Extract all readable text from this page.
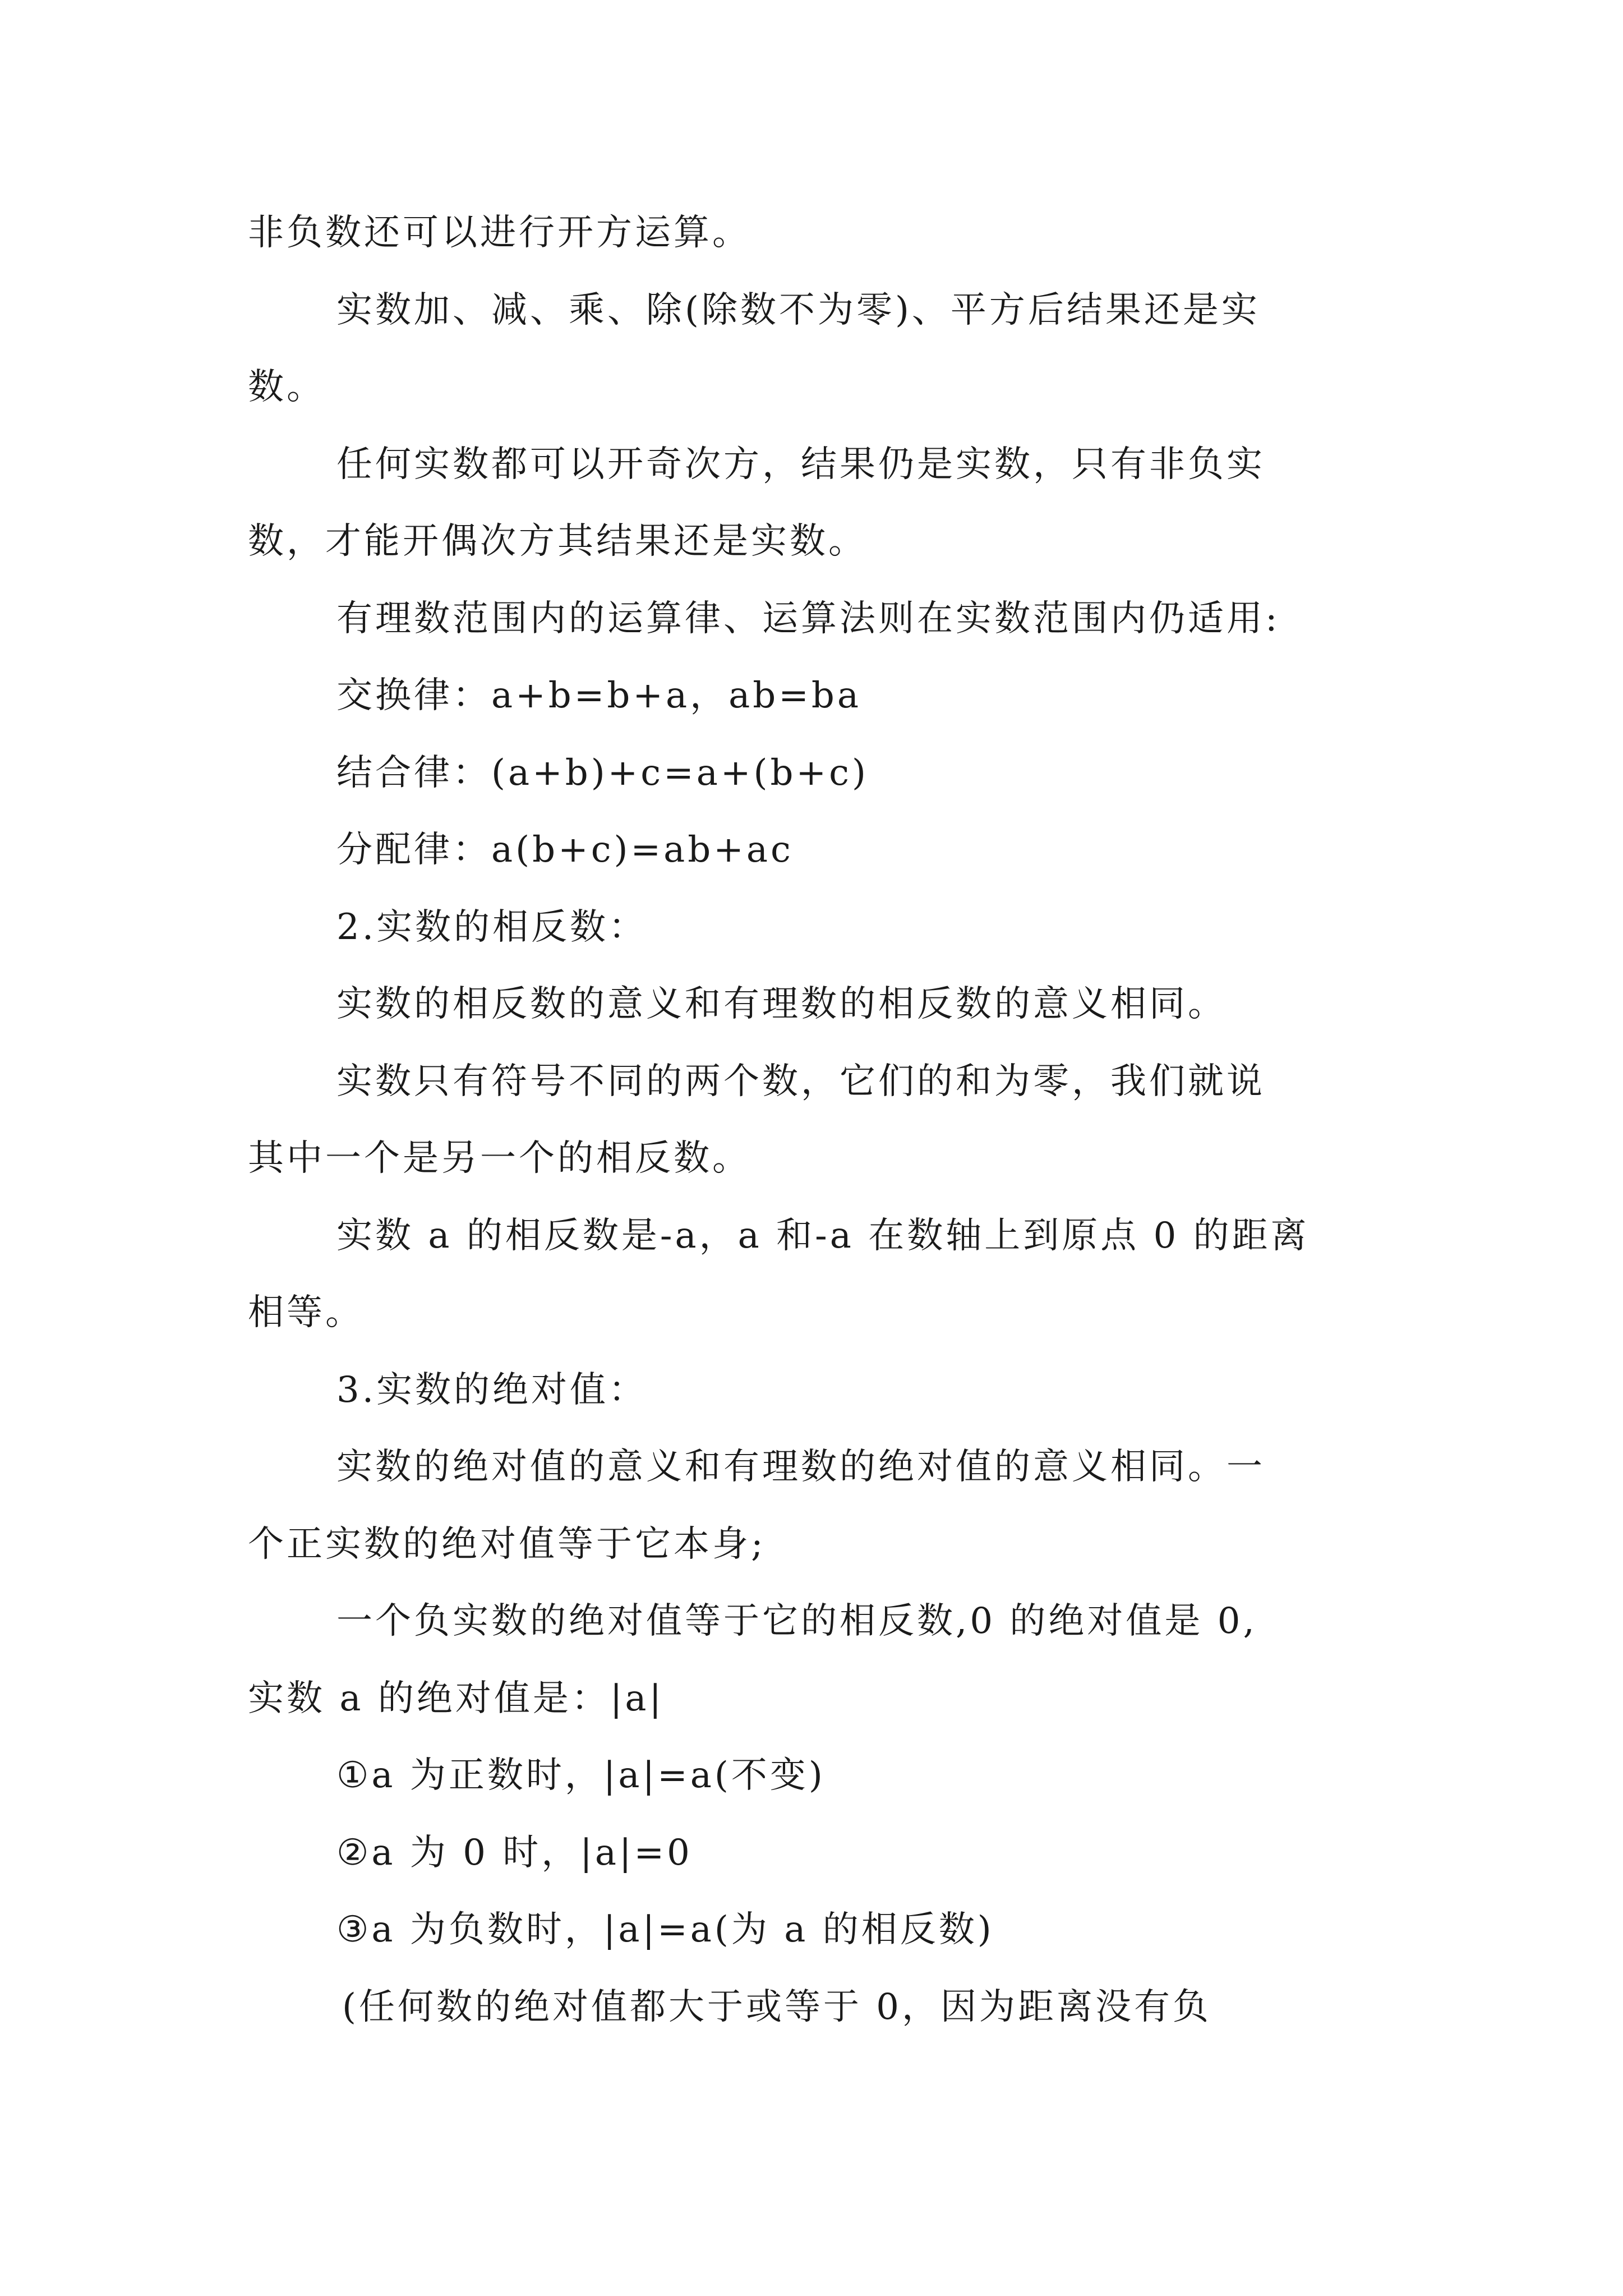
非负数还可以进行开方运算。
实数加、减、乘、除(除数不为零)、平方后结果还是实
数。
任何实数都可以开奇次方，结果仍是实数，只有非负实
数，才能开偶次方其结果还是实数。
有理数范围内的运算律、运算法则在实数范围内仍适用:
交换律：a+b=b+a，ab=ba
结合律：(a+b)+c=a+(b+c)
分配律：a(b+c)=ab+ac
2.实数的相反数：
实数的相反数的意义和有理数的相反数的意义相同。
实数只有符号不同的两个数，它们的和为零，我们就说
其中一个是另一个的相反数。
实数 a 的相反数是-a，a 和-a 在数轴上到原点 0 的距离
相等。
3.实数的绝对值：
实数的绝对值的意义和有理数的绝对值的意义相同。一
个正实数的绝对值等于它本身;
一个负实数的绝对值等于它的相反数,0 的绝对值是 0,
实数 a 的绝对值是：|a|
①a 为正数时，|a|=a(不变)
②a 为 0 时，|a|=0
③a 为负数时，|a|=a(为 a 的相反数)
(任何数的绝对值都大于或等于 0，因为距离没有负
